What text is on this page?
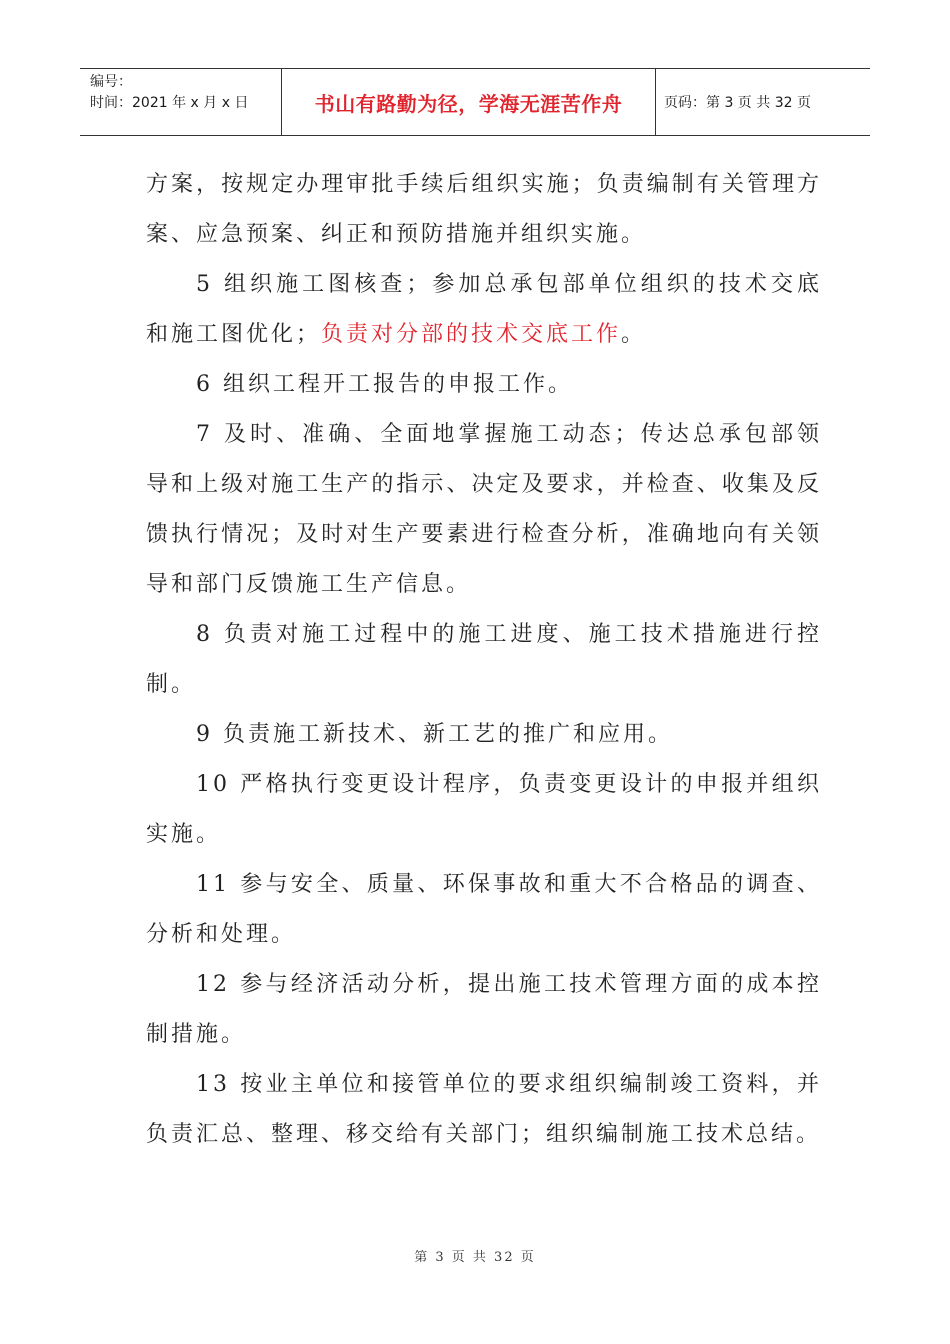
编号：
时间：2021 年 x 月 x 日	书山有路勤为径，学海无涯苦作舟	页码：第 3 页 共 32 页

方案，按规定办理审批手续后组织实施；负责编制有关管理方案、应急预案、纠正和预防措施并组织实施。

5 组织施工图核查；参加总承包部单位组织的技术交底和施工图优化；负责对分部的技术交底工作。

6 组织工程开工报告的申报工作。

7 及时、准确、全面地掌握施工动态；传达总承包部领导和上级对施工生产的指示、决定及要求，并检查、收集及反馈执行情况；及时对生产要素进行检查分析，准确地向有关领导和部门反馈施工生产信息。

8 负责对施工过程中的施工进度、施工技术措施进行控制。

9 负责施工新技术、新工艺的推广和应用。

10 严格执行变更设计程序，负责变更设计的申报并组织实施。

11 参与安全、质量、环保事故和重大不合格品的调查、分析和处理。

12 参与经济活动分析，提出施工技术管理方面的成本控制措施。

13 按业主单位和接管单位的要求组织编制竣工资料，并负责汇总、整理、移交给有关部门；组织编制施工技术总结。

第 3 页 共 32 页
